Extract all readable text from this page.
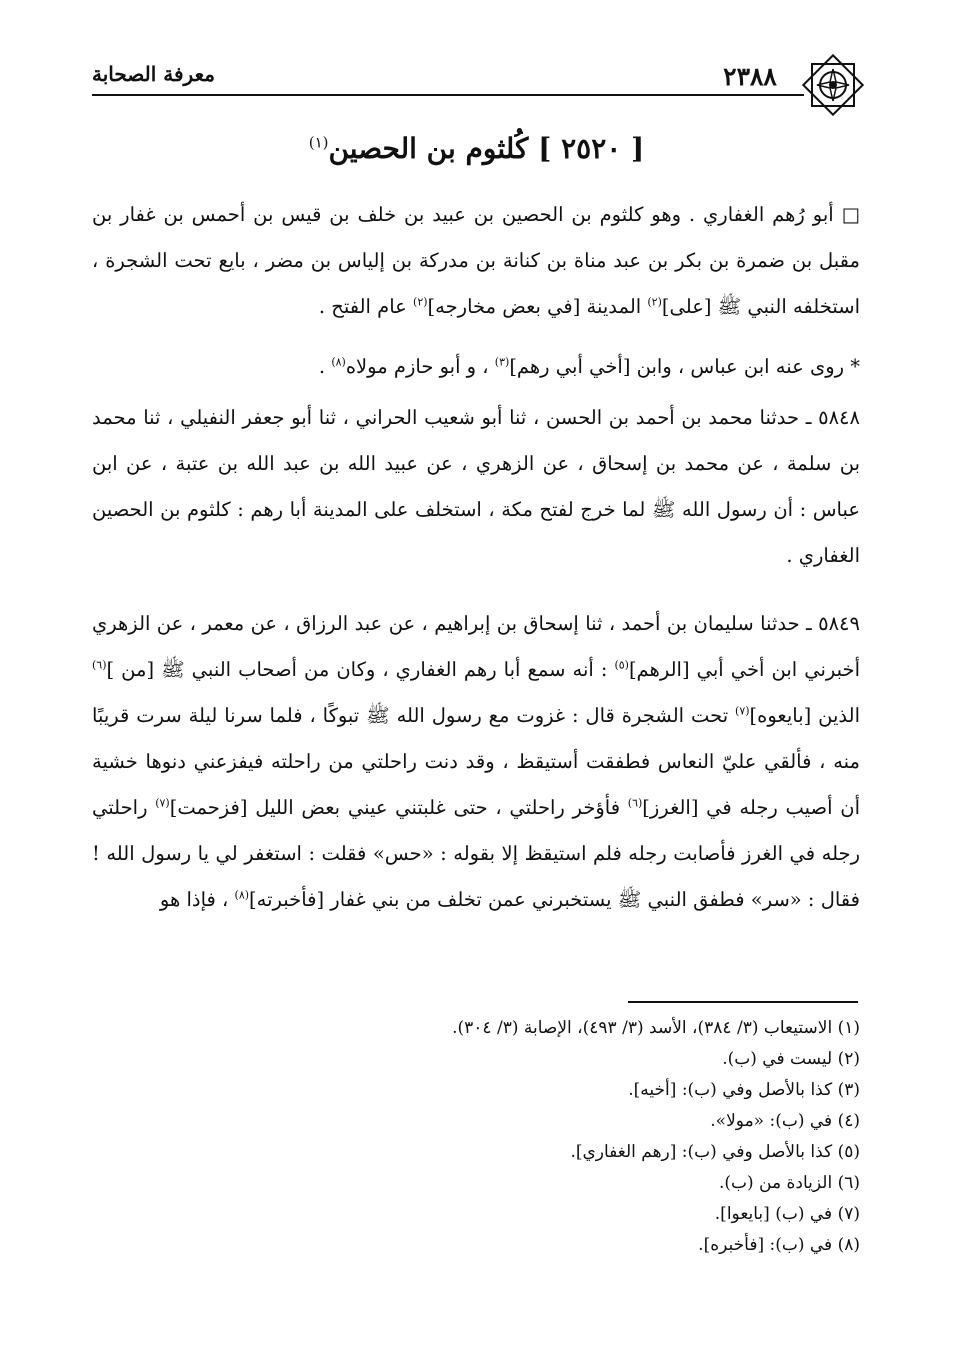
٢٣٨٨
معرفة الصحابة
[ ٢٥٢٠ ] كُلثوم بن الحصين$^{(١)}$
□ أبو رُهم الغفاري . وهو كلثوم بن الحصين بن عبيد بن خلف بن قيس بن أحمس بن غفار بن مقبل بن ضمرة بن بكر بن عبد مناة بن كنانة بن مدركة بن إلياس بن مضر ، بايع تحت الشجرة ، استخلفه النبي ﷺ [على]$^{(٢)}$ المدينة [في بعض مخارجه]$^{(٢)}$ عام الفتح .
* روى عنه ابن عباس ، وابن [أخي أبي رهم]$^{(٣)}$ ، و أبو حازم مولاه$^{(٨)}$ .
٥٨٤٨ ـ حدثنا محمد بن أحمد بن الحسن ، ثنا أبو شعيب الحراني ، ثنا أبو جعفر النفيلي ، ثنا محمد بن سلمة ، عن محمد بن إسحاق ، عن الزهري ، عن عبيد الله بن عبد الله بن عتبة ، عن ابن عباس : أن رسول الله ﷺ لما خرج لفتح مكة ، استخلف على المدينة أبا رهم : كلثوم بن الحصين الغفاري .
٥٨٤٩ ـ حدثنا سليمان بن أحمد ، ثنا إسحاق بن إبراهيم ، عن عبد الرزاق ، عن معمر ، عن الزهري أخبرني ابن أخي أبي [الرهم]$^{(٥)}$ : أنه سمع أبا رهم الغفاري ، وكان من أصحاب النبي ﷺ [من ]$^{(٦)}$ الذين [بايعوه]$^{(٧)}$ تحت الشجرة قال : غزوت مع رسول الله ﷺ تبوكًا ، فلما سرنا ليلة سرت قريبًا منه ، فألقي عليّ النعاس فطفقت أستيقظ ، وقد دنت راحلتي من راحلته فيفزعني دنوها خشية أن أصيب رجله في [الغرز]$^{(٦)}$ فأؤخر راحلتي ، حتى غلبتني عيني بعض الليل [فزحمت]$^{(٧)}$ راحلتي رجله في الغرز فأصابت رجله فلم استيقظ إلا بقوله : «حس» فقلت : استغفر لي يا رسول الله ! فقال : «سر» فطفق النبي ﷺ يستخبرني عمن تخلف من بني غفار [فأخبرته]$^{(٨)}$ ، فإذا هو
(١) الاستيعاب (٣/ ٣٨٤)، الأسد (٣/ ٤٩٣)، الإصابة (٣/ ٣٠٤).
(٢) ليست في (ب).
(٣) كذا بالأصل وفي (ب): [أخيه].
(٤) في (ب): «مولا».
(٥) كذا بالأصل وفي (ب): [رهم الغفاري].
(٦) الزيادة من (ب).
(٧) في (ب) [بايعوا].
(٨) في (ب): [فأخبره].
